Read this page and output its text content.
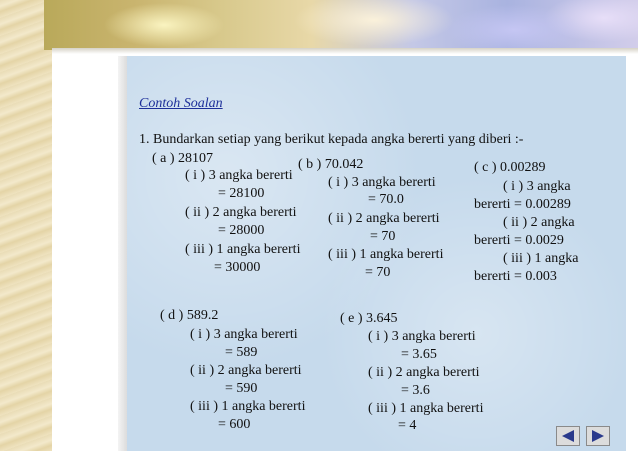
Contoh Soalan
1. Bundarkan setiap yang berikut kepada angka bererti yang diberi :-
( a ) 28107
( i ) 3 angka bererti
= 28100
( ii ) 2 angka bererti
= 28000
( iii ) 1 angka bererti
= 30000
( b ) 70.042
( i ) 3 angka bererti
= 70.0
( ii ) 2 angka bererti
= 70
( iii ) 1 angka bererti
= 70
( c ) 0.00289
( i ) 3 angka
bererti = 0.00289
( ii ) 2 angka
bererti = 0.0029
( iii ) 1 angka
bererti = 0.003
( d ) 589.2
( i ) 3 angka bererti
= 589
( ii ) 2 angka bererti
= 590
( iii ) 1 angka bererti
= 600
( e ) 3.645
( i ) 3 angka bererti
= 3.65
( ii ) 2 angka bererti
= 3.6
( iii ) 1 angka bererti
= 4
